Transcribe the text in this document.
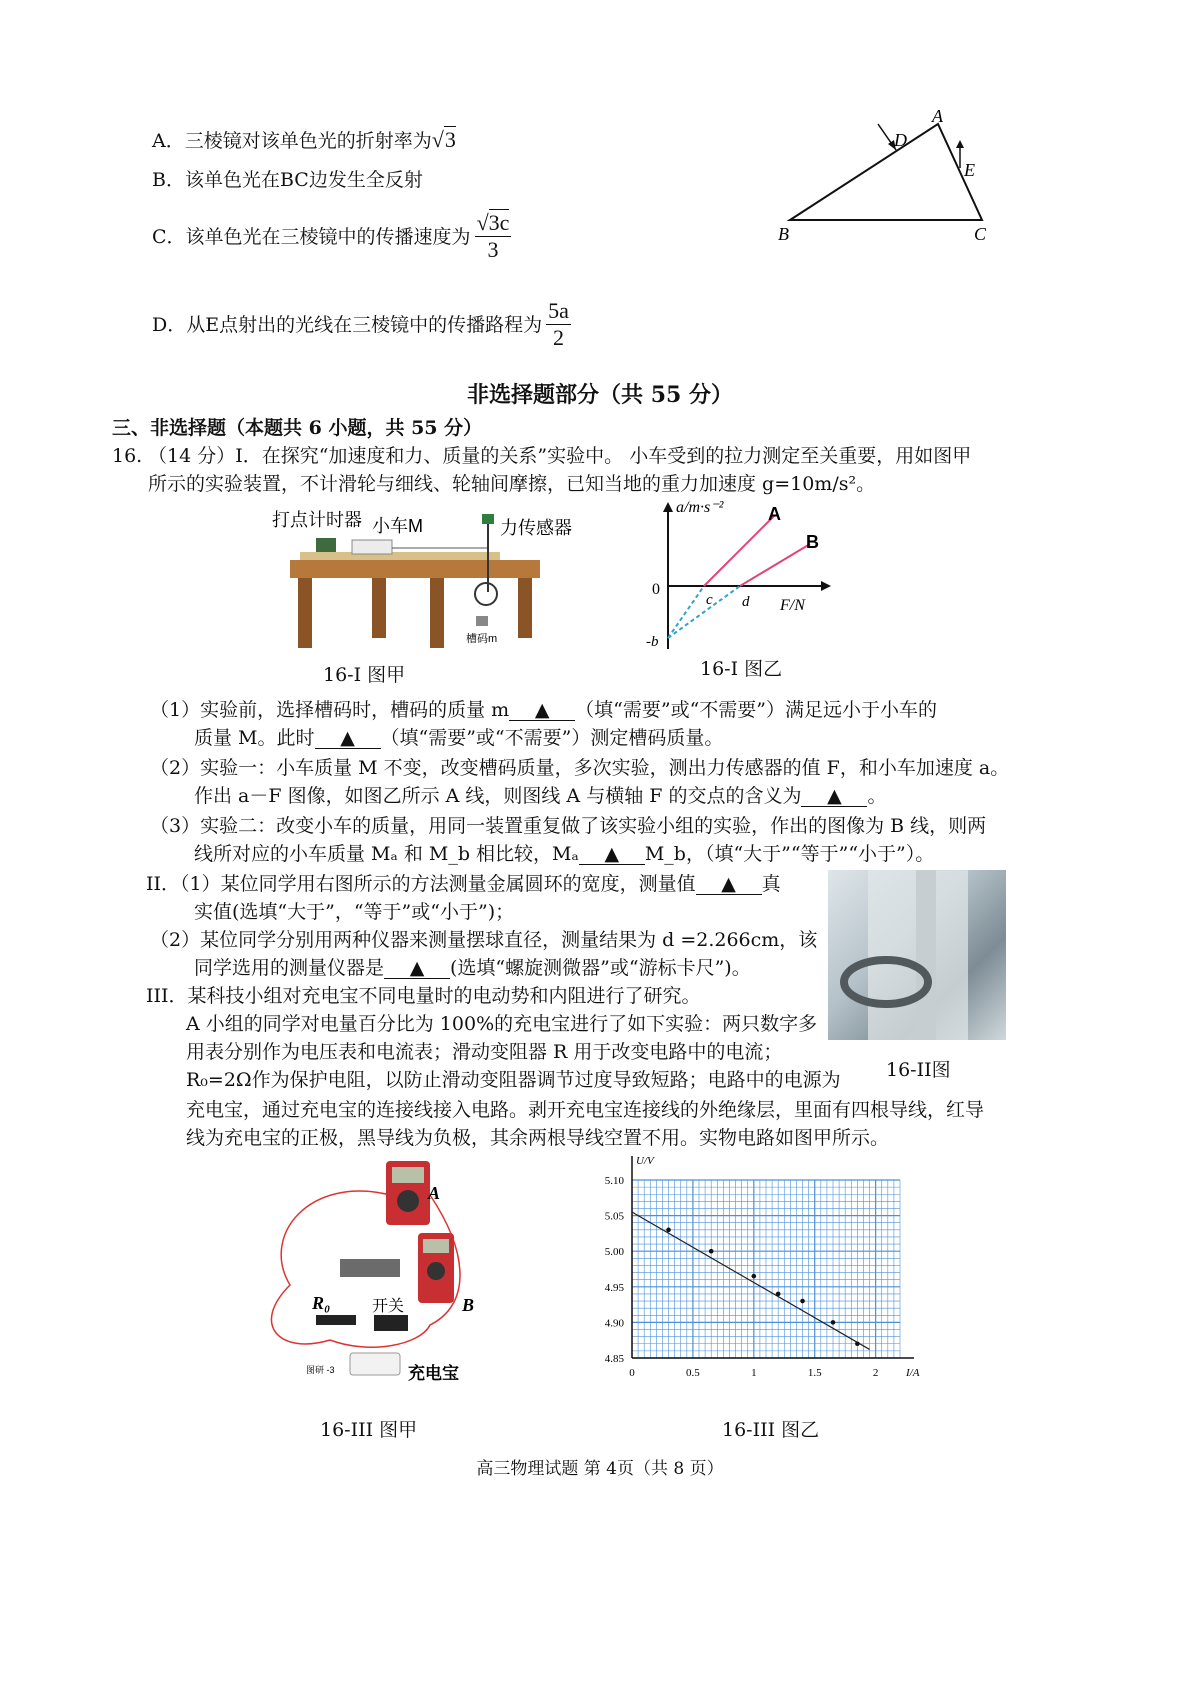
A．三棱镜对该单色光的折射率为√3
B．该单色光在BC边发生全反射
C． 该单色光在三棱镜中的传播速度为 $\frac{√3c}{3}$
D． 从E点射出的光线在三棱镜中的传播路程为 $\frac{5a}{2}$
A
B	C
D
E
非选择题部分（共 55 分）
三、非选择题（本题共 6 小题，共 55 分）
16. （14 分）I．在探究“加速度和力、质量的关系”实验中。 小车受到的拉力测定至关重要，用如图甲
所示的实验装置，不计滑轮与细线、轮轴间摩擦，已知当地的重力加速度 g=10m/s²。
打点计时器 小车M	力传感器
槽码m
16-I 图甲
a/m·s⁻² A
B
0
c d F/N
-b
16-I 图乙
（1）实验前，选择槽码时，槽码的质量 m ▲ （填“需要”或“不需要”）满足远小于小车的
质量 M。此时 ▲ （填“需要”或“不需要”）测定槽码质量。
（2）实验一：小车质量 M 不变，改变槽码质量，多次实验，测出力传感器的值 F，和小车加速度 a。
作出 a－F 图像，如图乙所示 A 线，则图线 A 与横轴 F 的交点的含义为 ▲ 。
（3）实验二：改变小车的质量，用同一装置重复做了该实验小组的实验，作出的图像为 B 线，则两
线所对应的小车质量 Mₐ 和 M_b 相比较，Mₐ ▲ M_b，（填“大于”“等于”“小于”）。
II．（1）某位同学用右图所示的方法测量金属圆环的宽度，测量值 ▲ 真
实值(选填“大于”，“等于”或“小于”)；
（2）某位同学分别用两种仪器来测量摆球直径，测量结果为 d =2.266cm，该
同学选用的测量仪器是 ▲ (选填“螺旋测微器”或“游标卡尺”)。
16-II图
III．某科技小组对充电宝不同电量时的电动势和内阻进行了研究。
A 小组的同学对电量百分比为 100%的充电宝进行了如下实验：两只数字多
用表分别作为电压表和电流表；滑动变阻器 R 用于改变电路中的电流；
R₀=2Ω作为保护电阻，以防止滑动变阻器调节过度导致短路；电路中的电源为
充电宝，通过充电宝的连接线接入电路。剥开充电宝连接线的外绝缘层，里面有四根导线，红导
线为充电宝的正极，黑导线为负极，其余两根导线空置不用。实物电路如图甲所示。
A
B
R₀	开关
充电宝
图研 -3
16-III 图甲
U/V
I/A
4.85
4.90
4.95
5.00
5.05
5.10
0	0.5	1	1.5	2
16-III 图乙
高三物理试题 第 4页（共 8 页）
